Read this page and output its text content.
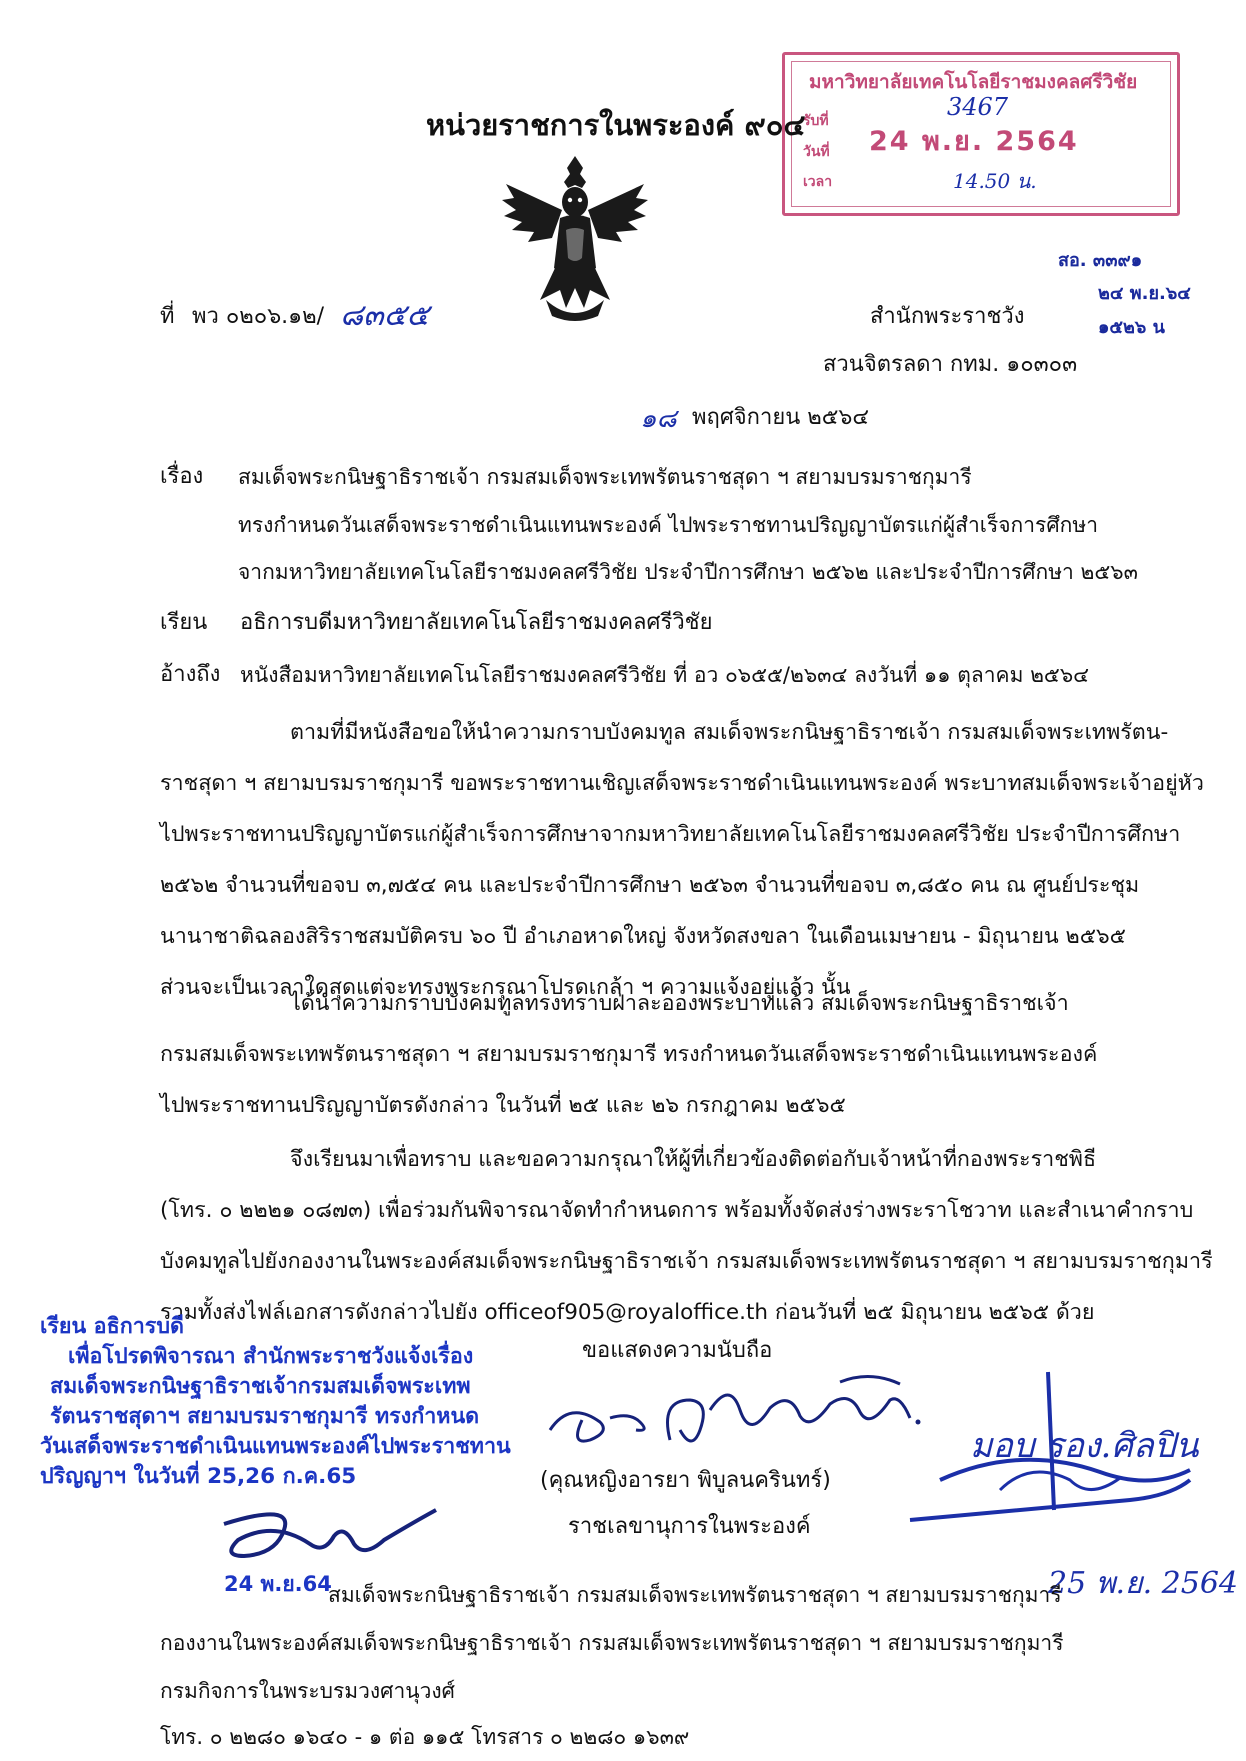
มหาวิทยาลัยเทคโนโลยีราชมงคลศรีวิชัย
รับที่	3467
วันที่ 24 พ.ย. 2564
เวลา	14.50 น.
หน่วยราชการในพระองค์ ๙๐๔
สอ. ๓๓๙๑
๒๔ พ.ย.๖๔
๑๕๒๖ น
ที่ พว ๐๒๐๖.๑๒/ ๘๓๕๕	สำนักพระราชวัง
สวนจิตรลดา กทม. ๑๐๓๐๓
๑๘ พฤศจิกายน ๒๕๖๔
เรื่อง สมเด็จพระกนิษฐาธิราชเจ้า กรมสมเด็จพระเทพรัตนราชสุดา ฯ สยามบรมราชกุมารี
ทรงกำหนดวันเสด็จพระราชดำเนินแทนพระองค์ ไปพระราชทานปริญญาบัตรแก่ผู้สำเร็จการศึกษา
จากมหาวิทยาลัยเทคโนโลยีราชมงคลศรีวิชัย ประจำปีการศึกษา ๒๕๖๒ และประจำปีการศึกษา ๒๕๖๓
เรียน อธิการบดีมหาวิทยาลัยเทคโนโลยีราชมงคลศรีวิชัย
อ้างถึง หนังสือมหาวิทยาลัยเทคโนโลยีราชมงคลศรีวิชัย ที่ อว ๐๖๕๕/๒๖๓๔ ลงวันที่ ๑๑ ตุลาคม ๒๕๖๔
ตามที่มีหนังสือขอให้นำความกราบบังคมทูล สมเด็จพระกนิษฐาธิราชเจ้า กรมสมเด็จพระเทพรัตน-
ราชสุดา ฯ สยามบรมราชกุมารี ขอพระราชทานเชิญเสด็จพระราชดำเนินแทนพระองค์ พระบาทสมเด็จพระเจ้าอยู่หัว
ไปพระราชทานปริญญาบัตรแก่ผู้สำเร็จการศึกษาจากมหาวิทยาลัยเทคโนโลยีราชมงคลศรีวิชัย ประจำปีการศึกษา
๒๕๖๒ จำนวนที่ขอจบ ๓,๗๕๔ คน และประจำปีการศึกษา ๒๕๖๓ จำนวนที่ขอจบ ๓,๘๕๐ คน ณ ศูนย์ประชุม
นานาชาติฉลองสิริราชสมบัติครบ ๖๐ ปี อำเภอหาดใหญ่ จังหวัดสงขลา ในเดือนเมษายน - มิถุนายน ๒๕๖๕
ส่วนจะเป็นเวลาใดสุดแต่จะทรงพระกรุณาโปรดเกล้า ฯ ความแจ้งอยู่แล้ว นั้น
ได้นำความกราบบังคมทูลทรงทราบฝ่าละอองพระบาทแล้ว สมเด็จพระกนิษฐาธิราชเจ้า
กรมสมเด็จพระเทพรัตนราชสุดา ฯ สยามบรมราชกุมารี ทรงกำหนดวันเสด็จพระราชดำเนินแทนพระองค์
ไปพระราชทานปริญญาบัตรดังกล่าว ในวันที่ ๒๕ และ ๒๖ กรกฎาคม ๒๕๖๕
จึงเรียนมาเพื่อทราบ และขอความกรุณาให้ผู้ที่เกี่ยวข้องติดต่อกับเจ้าหน้าที่กองพระราชพิธี
(โทร. ๐ ๒๒๒๑ ๐๘๗๓) เพื่อร่วมกันพิจารณาจัดทำกำหนดการ พร้อมทั้งจัดส่งร่างพระราโชวาท และสำเนาคำกราบ
บังคมทูลไปยังกองงานในพระองค์สมเด็จพระกนิษฐาธิราชเจ้า กรมสมเด็จพระเทพรัตนราชสุดา ฯ สยามบรมราชกุมารี
รวมทั้งส่งไฟล์เอกสารดังกล่าวไปยัง officeof905@royaloffice.th ก่อนวันที่ ๒๕ มิถุนายน ๒๕๖๕ ด้วย
ขอแสดงความนับถือ
(คุณหญิงอารยา พิบูลนครินทร์)
ราชเลขานุการในพระองค์
เรียน อธิการบดี
เพื่อโปรดพิจารณา สำนักพระราชวังแจ้งเรื่อง
สมเด็จพระกนิษฐาธิราชเจ้ากรมสมเด็จพระเทพ
รัตนราชสุดาฯ สยามบรมราชกุมารี ทรงกำหนด
วันเสด็จพระราชดำเนินแทนพระองค์ไปพระราชทาน
ปริญญาฯ ในวันที่ 25,26 ก.ค.65
24 พ.ย.64
มอบ รอง.ศิลปิน
25 พ.ย. 2564
สมเด็จพระกนิษฐาธิราชเจ้า กรมสมเด็จพระเทพรัตนราชสุดา ฯ สยามบรมราชกุมารี
กองงานในพระองค์สมเด็จพระกนิษฐาธิราชเจ้า กรมสมเด็จพระเทพรัตนราชสุดา ฯ สยามบรมราชกุมารี
กรมกิจการในพระบรมวงศานุวงศ์
โทร. ๐ ๒๒๘๐ ๑๖๔๐ - ๑ ต่อ ๑๑๕ โทรสาร ๐ ๒๒๘๐ ๑๖๓๙
